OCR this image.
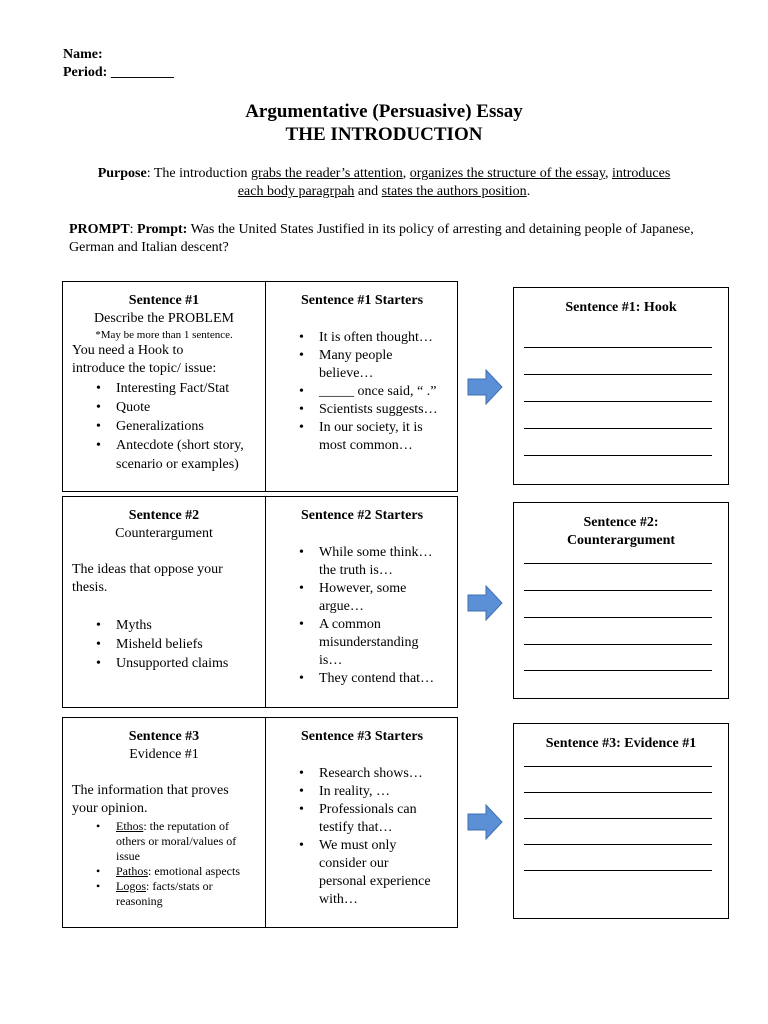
Name:
Period: _________
Argumentative (Persuasive) Essay
THE INTRODUCTION
Purpose: The introduction grabs the reader’s attention, organizes the structure of the essay, introduces
each body paragrpah and states the authors position.
PROMPT: Prompt: Was the United States Justified in its policy of arresting and detaining people of Japanese, German and Italian descent?
Sentence #1
Describe the PROBLEM
*May be more than 1 sentence.
You need a Hook to
introduce the topic/ issue:
• Interesting Fact/Stat
• Quote
• Generalizations
• Antecdote (short story,
scenario or examples)
Sentence #1 Starters
• It is often thought…
• Many people
believe…
• _____ once said, “ .”
• Scientists suggests…
• In our society, it is
most common…
Sentence #1: Hook
Sentence #2
Counterargument
The ideas that oppose your
thesis.
• Myths
• Misheld beliefs
• Unsupported claims
Sentence #2 Starters
• While some think…
the truth is…
• However, some
argue…
• A common
misunderstanding
is…
• They contend that…
Sentence #2:
Counterargument
Sentence #3
Evidence #1
The information that proves
your opinion.
• Ethos: the reputation of
others or moral/values of
issue
• Pathos: emotional aspects
• Logos: facts/stats or
reasoning
Sentence #3 Starters
• Research shows…
• In reality, …
• Professionals can
testify that…
• We must only
consider our
personal experience
with…
Sentence #3: Evidence #1
